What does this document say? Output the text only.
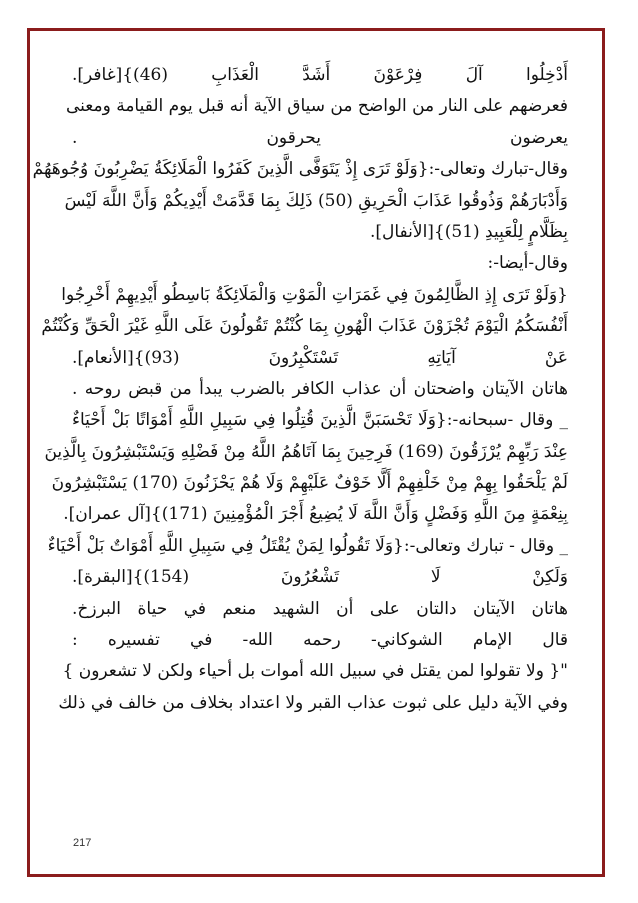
أَدْخِلُوا آلَ فِرْعَوْنَ أَشَدَّ الْعَذَابِ (46)}[غافر].
فعرضهم على النار من الواضح من سياق الآية أنه قبل يوم القيامة ومعنى
يعرضون يحرقون .
وقال-تبارك وتعالى-:{وَلَوْ تَرَى إِذْ يَتَوَفَّى الَّذِينَ كَفَرُوا الْمَلَائِكَةُ يَضْرِبُونَ وُجُوهَهُمْ
وَأَدْبَارَهُمْ وَذُوقُوا عَذَابَ الْحَرِيقِ (50) ذَلِكَ بِمَا قَدَّمَتْ أَيْدِيكُمْ وَأَنَّ اللَّهَ لَيْسَ
بِظَلَّامٍ لِلْعَبِيدِ (51)}[الأنفال].
وقال-أيضا-:
{وَلَوْ تَرَى إِذِ الظَّالِمُونَ فِي غَمَرَاتِ الْمَوْتِ وَالْمَلَائِكَةُ بَاسِطُو أَيْدِيهِمْ أَخْرِجُوا
أَنْفُسَكُمُ الْيَوْمَ تُجْزَوْنَ عَذَابَ الْهُونِ بِمَا كُنْتُمْ تَقُولُونَ عَلَى اللَّهِ غَيْرَ الْحَقِّ وَكُنْتُمْ
عَنْ آيَاتِهِ تَسْتَكْبِرُونَ (93)}[الأنعام].
هاتان الآيتان واضحتان أن عذاب الكافر بالضرب يبدأ من قبض روحه .
_ وقال -سبحانه-:{وَلَا تَحْسَبَنَّ الَّذِينَ قُتِلُوا فِي سَبِيلِ اللَّهِ أَمْوَاتًا بَلْ أَحْيَاءٌ
عِنْدَ رَبِّهِمْ يُرْزَقُونَ (169) فَرِحِينَ بِمَا آتَاهُمُ اللَّهُ مِنْ فَضْلِهِ وَيَسْتَبْشِرُونَ بِالَّذِينَ
لَمْ يَلْحَقُوا بِهِمْ مِنْ خَلْفِهِمْ أَلَّا خَوْفٌ عَلَيْهِمْ وَلَا هُمْ يَحْزَنُونَ (170) يَسْتَبْشِرُونَ
بِنِعْمَةٍ مِنَ اللَّهِ وَفَضْلٍ وَأَنَّ اللَّهَ لَا يُضِيعُ أَجْرَ الْمُؤْمِنِينَ (171)}[آل عمران].
_ وقال - تبارك وتعالى-:{وَلَا تَقُولُوا لِمَنْ يُقْتَلُ فِي سَبِيلِ اللَّهِ أَمْوَاتٌ بَلْ أَحْيَاءٌ
وَلَكِنْ لَا تَشْعُرُونَ (154)}[البقرة].
هاتان الآيتان دالتان على أن الشهيد منعم في حياة البرزخ.
قال الإمام الشوكاني- رحمه الله- في تفسيره :
"{ ولا تقولوا لمن يقتل في سبيل الله أموات بل أحياء ولكن لا تشعرون }
وفي الآية دليل على ثبوت عذاب القبر ولا اعتداد بخلاف من خالف في ذلك
217
